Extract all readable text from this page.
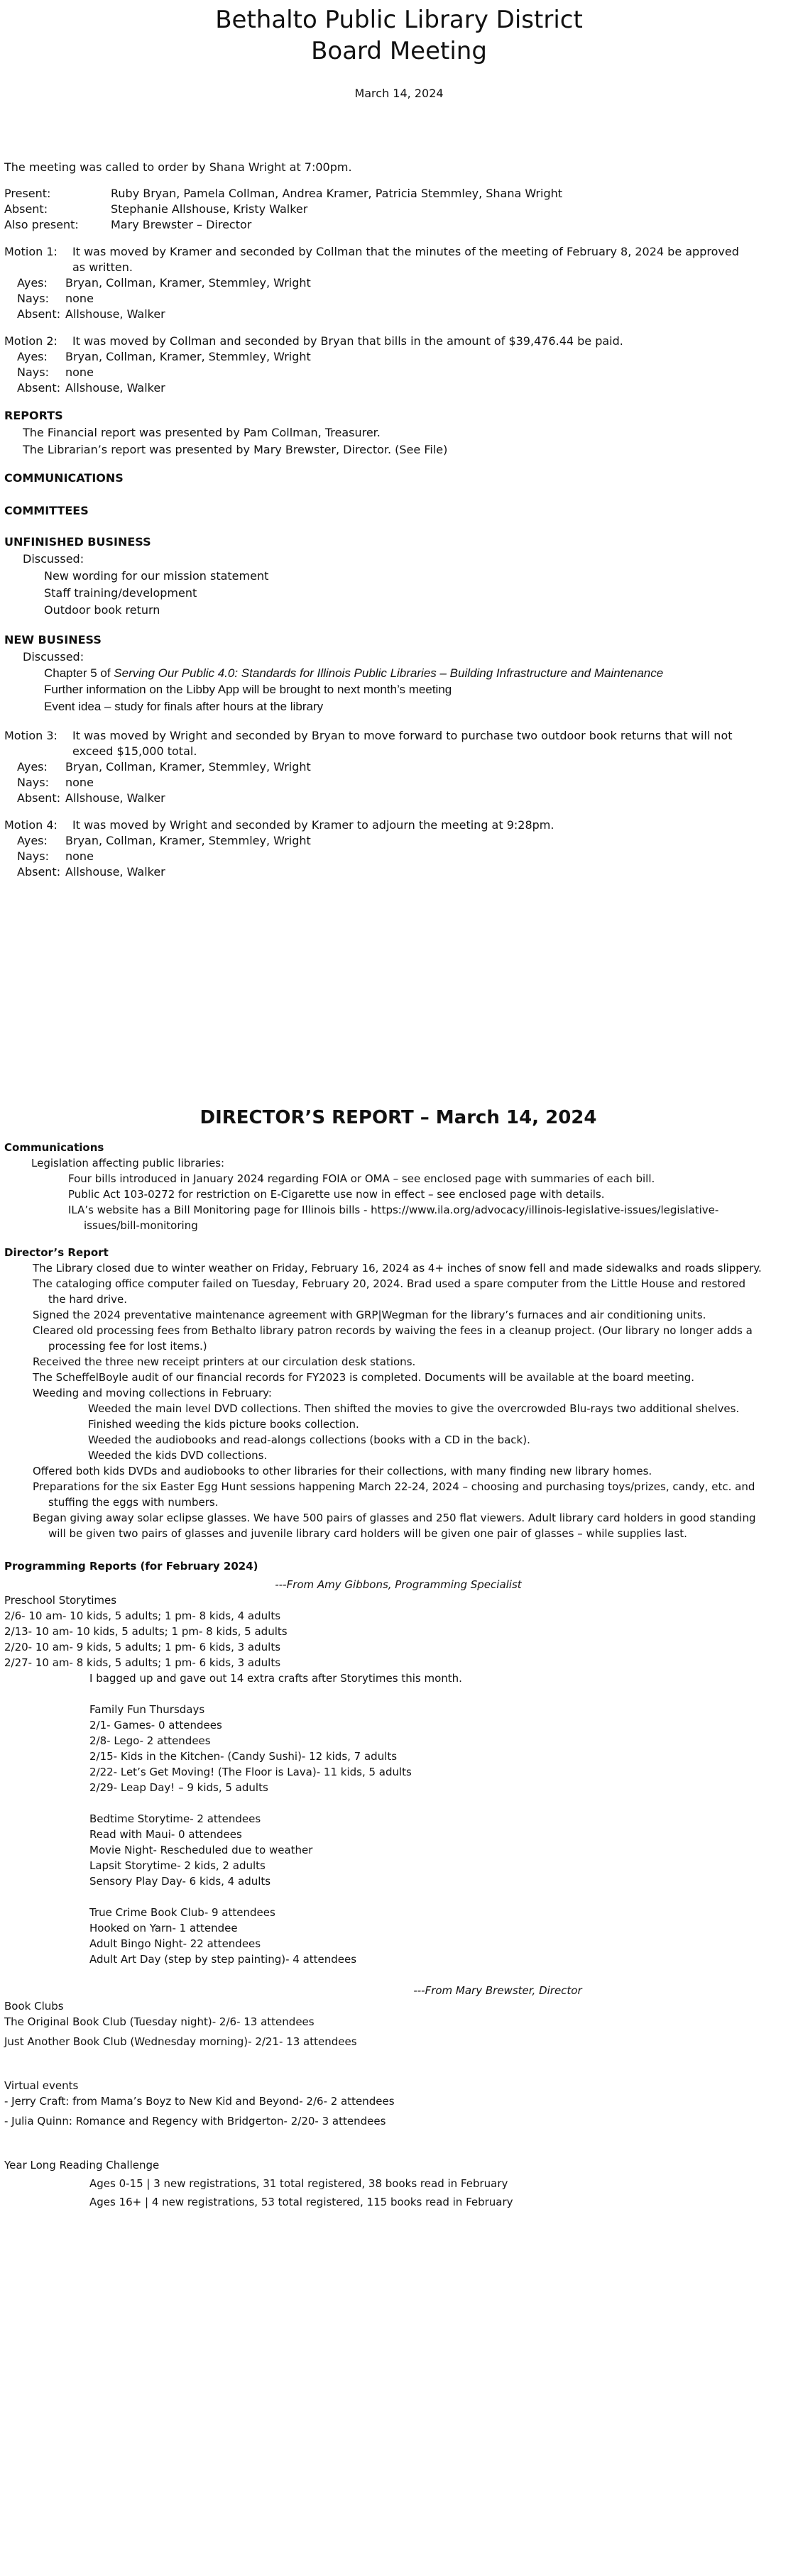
Bethalto Public Library District
Board Meeting
March 14, 2024
The meeting was called to order by Shana Wright at 7:00pm.
Present:	Ruby Bryan, Pamela Collman, Andrea Kramer, Patricia Stemmley, Shana Wright
Absent:	Stephanie Allshouse, Kristy Walker
Also present:	Mary Brewster – Director
Motion 1:	It was moved by Kramer and seconded by Collman that the minutes of the meeting of February 8, 2024 be approved as written.
Ayes:	Bryan, Collman, Kramer, Stemmley, Wright
Nays:	none
Absent: Allshouse, Walker
Motion 2:	It was moved by Collman and seconded by Bryan that bills in the amount of $39,476.44 be paid.
Ayes:	Bryan, Collman, Kramer, Stemmley, Wright
Nays:	none
Absent: Allshouse, Walker
REPORTS
The Financial report was presented by Pam Collman, Treasurer.
The Librarian’s report was presented by Mary Brewster, Director. (See File)
COMMUNICATIONS
COMMITTEES
UNFINISHED BUSINESS
Discussed:
New wording for our mission statement
Staff training/development
Outdoor book return
NEW BUSINESS
Discussed:
Chapter 5 of Serving Our Public 4.0: Standards for Illinois Public Libraries – Building Infrastructure and Maintenance
Further information on the Libby App will be brought to next month’s meeting
Event idea – study for finals after hours at the library
Motion 3:	It was moved by Wright and seconded by Bryan to move forward to purchase two outdoor book returns that will not exceed $15,000 total.
Ayes:	Bryan, Collman, Kramer, Stemmley, Wright
Nays:	none
Absent: Allshouse, Walker
Motion 4:	It was moved by Wright and seconded by Kramer to adjourn the meeting at 9:28pm.
Ayes:	Bryan, Collman, Kramer, Stemmley, Wright
Nays:	none
Absent: Allshouse, Walker
DIRECTOR’S REPORT – March 14, 2024
Communications
Legislation affecting public libraries:
Four bills introduced in January 2024 regarding FOIA or OMA – see enclosed page with summaries of each bill.
Public Act 103-0272 for restriction on E-Cigarette use now in effect – see enclosed page with details.
ILA’s website has a Bill Monitoring page for Illinois bills - https://www.ila.org/advocacy/illinois-legislative-issues/legislative-issues/bill-monitoring
Director’s Report
The Library closed due to winter weather on Friday, February 16, 2024 as 4+ inches of snow fell and made sidewalks and roads slippery.
The cataloging office computer failed on Tuesday, February 20, 2024. Brad used a spare computer from the Little House and restored the hard drive.
Signed the 2024 preventative maintenance agreement with GRP|Wegman for the library’s furnaces and air conditioning units.
Cleared old processing fees from Bethalto library patron records by waiving the fees in a cleanup project. (Our library no longer adds a processing fee for lost items.)
Received the three new receipt printers at our circulation desk stations.
The ScheffelBoyle audit of our financial records for FY2023 is completed. Documents will be available at the board meeting.
Weeding and moving collections in February:
Weeded the main level DVD collections. Then shifted the movies to give the overcrowded Blu-rays two additional shelves.
Finished weeding the kids picture books collection.
Weeded the audiobooks and read-alongs collections (books with a CD in the back).
Weeded the kids DVD collections.
Offered both kids DVDs and audiobooks to other libraries for their collections, with many finding new library homes.
Preparations for the six Easter Egg Hunt sessions happening March 22-24, 2024 – choosing and purchasing toys/prizes, candy, etc. and stuffing the eggs with numbers.
Began giving away solar eclipse glasses. We have 500 pairs of glasses and 250 flat viewers. Adult library card holders in good standing will be given two pairs of glasses and juvenile library card holders will be given one pair of glasses – while supplies last.
Programming Reports (for February 2024)
---From Amy Gibbons, Programming Specialist
Preschool Storytimes
2/6- 10 am- 10 kids, 5 adults; 1 pm- 8 kids, 4 adults
2/13- 10 am- 10 kids, 5 adults; 1 pm- 8 kids, 5 adults
2/20- 10 am- 9 kids, 5 adults; 1 pm- 6 kids, 3 adults
2/27- 10 am- 8 kids, 5 adults; 1 pm- 6 kids, 3 adults
I bagged up and gave out 14 extra crafts after Storytimes this month.
Family Fun Thursdays
2/1- Games- 0 attendees
2/8- Lego- 2 attendees
2/15- Kids in the Kitchen- (Candy Sushi)- 12 kids, 7 adults
2/22- Let’s Get Moving! (The Floor is Lava)- 11 kids, 5 adults
2/29- Leap Day! – 9 kids, 5 adults
Bedtime Storytime- 2 attendees
Read with Maui- 0 attendees
Movie Night- Rescheduled due to weather
Lapsit Storytime- 2 kids, 2 adults
Sensory Play Day- 6 kids, 4 adults
True Crime Book Club- 9 attendees
Hooked on Yarn- 1 attendee
Adult Bingo Night- 22 attendees
Adult Art Day (step by step painting)- 4 attendees
---From Mary Brewster, Director
Book Clubs
The Original Book Club (Tuesday night)- 2/6- 13 attendees
Just Another Book Club (Wednesday morning)- 2/21- 13 attendees
Virtual events
- Jerry Craft: from Mama’s Boyz to New Kid and Beyond- 2/6- 2 attendees
- Julia Quinn: Romance and Regency with Bridgerton- 2/20- 3 attendees
Year Long Reading Challenge
Ages 0-15 | 3 new registrations, 31 total registered, 38 books read in February
Ages 16+ | 4 new registrations, 53 total registered, 115 books read in February
